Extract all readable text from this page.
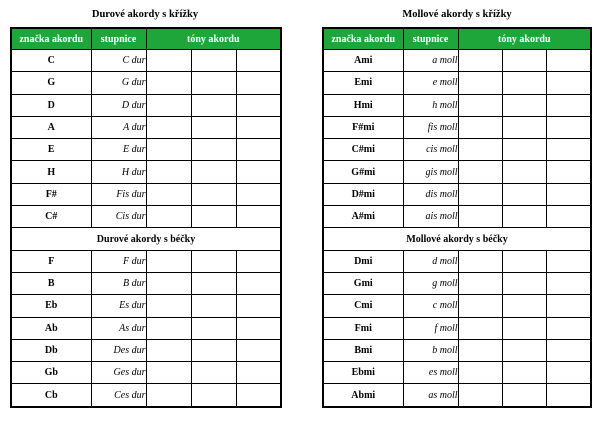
Durové akordy s křížky	Mollové akordy s křížky
značka akordu	stupnice	tóny akordu		
C	C dur			
G	G dur			
D	D dur			
A	A dur			
E	E dur			
H	H dur			
F#	Fis dur			
C#	Cis dur			
Durové akordy s béčky				
F	F dur			
B	B dur			
Eb	Es dur			
Ab	As dur			
Db	Des dur			
Gb	Ges dur			
Cb	Ces dur			
značka akordu	stupnice	tóny akordu		
Ami	a moll			
Emi	e moll			
Hmi	h moll			
F#mi	fis moll			
C#mi	cis moll			
G#mi	gis moll			
D#mi	dis moll			
A#mi	ais moll			
Mollové akordy s béčky				
Dmi	d moll			
Gmi	g moll			
Cmi	c moll			
Fmi	f moll			
Bmi	b moll			
Ebmi	es moll			
Abmi	as moll			
